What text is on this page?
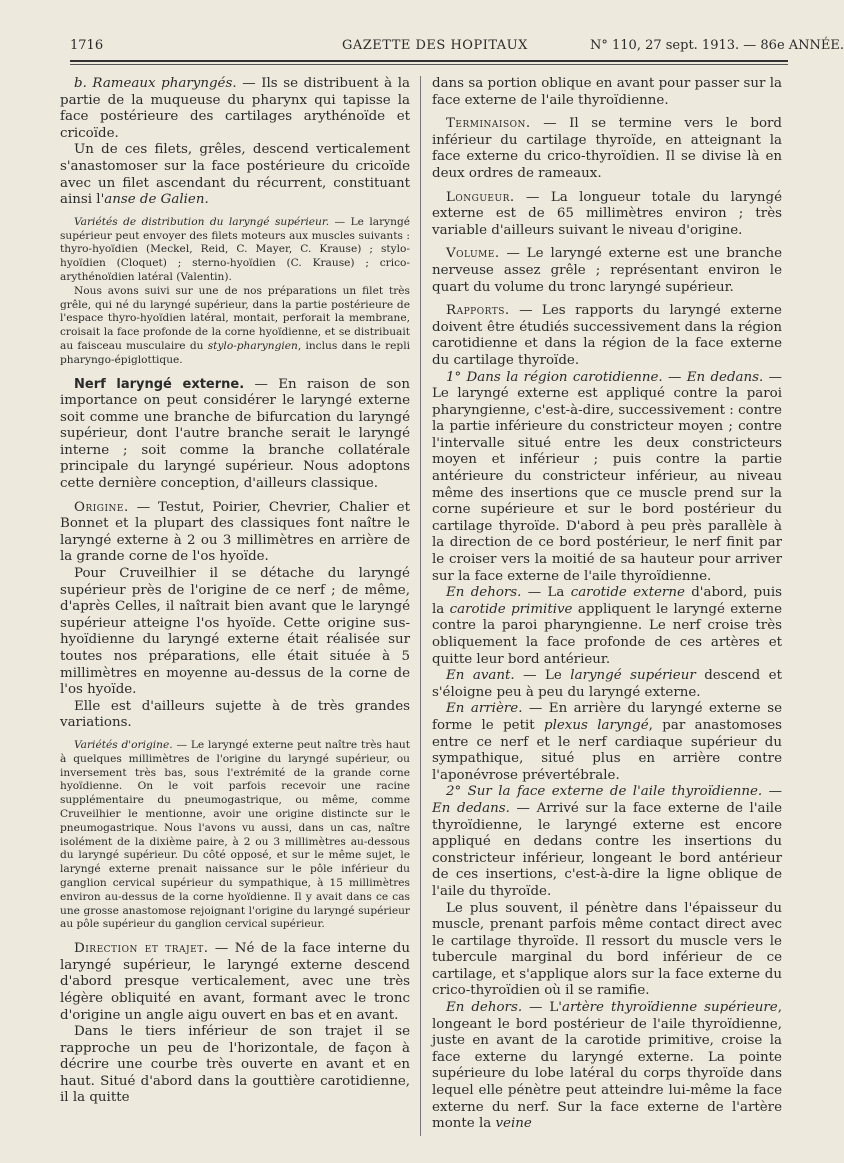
1716	GAZETTE DES HOPITAUX	N° 110, 27 sept. 1913. — 86e ANNÉE.

b. Rameaux pharyngés. — Ils se distribuent à la partie de la muqueuse du pharynx qui tapisse la face postérieure des cartilages arythénoïde et cricoïde.

Un de ces filets, grêles, descend verticalement s'anastomoser sur la face postérieure du cricoïde avec un filet ascendant du récurrent, constituant ainsi l'anse de Galien.

Variétés de distribution du laryngé supérieur. — Le laryngé supérieur peut envoyer des filets moteurs aux muscles suivants : thyro-hyoïdien (Meckel, Reid, C. Mayer, C. Krause) ; stylo-hyoïdien (Cloquet) ; sterno-hyoïdien (C. Krause) ; crico-arythénoïdien latéral (Valentin).

Nous avons suivi sur une de nos préparations un filet très grêle, qui né du laryngé supérieur, dans la partie postérieure de l'espace thyro-hyoïdien latéral, montait, perforait la membrane, croisait la face profonde de la corne hyoïdienne, et se distribuait au faisceau musculaire du stylo-pharyngien, inclus dans le repli pharyngo-épiglottique.

Nerf laryngé externe. — En raison de son importance on peut considérer le laryngé externe soit comme une branche de bifurcation du laryngé supérieur, dont l'autre branche serait le laryngé interne ; soit comme la branche collatérale principale du laryngé supérieur. Nous adoptons cette dernière conception, d'ailleurs classique.

Origine. — Testut, Poirier, Chevrier, Chalier et Bonnet et la plupart des classiques font naître le laryngé externe à 2 ou 3 millimètres en arrière de la grande corne de l'os hyoïde.

Pour Cruveilhier il se détache du laryngé supérieur près de l'origine de ce nerf ; de même, d'après Celles, il naîtrait bien avant que le laryngé supérieur atteigne l'os hyoïde. Cette origine sus-hyoïdienne du laryngé externe était réalisée sur toutes nos préparations, elle était située à 5 millimètres en moyenne au-dessus de la corne de l'os hyoïde.

Elle est d'ailleurs sujette à de très grandes variations.

Variétés d'origine. — Le laryngé externe peut naître très haut à quelques millimètres de l'origine du laryngé supérieur, ou inversement très bas, sous l'extrémité de la grande corne hyoïdienne. On le voit parfois recevoir une racine supplémentaire du pneumogastrique, ou même, comme Cruveilhier le mentionne, avoir une origine distincte sur le pneumogastrique. Nous l'avons vu aussi, dans un cas, naître isolément de la dixième paire, à 2 ou 3 millimètres au-dessous du laryngé supérieur. Du côté opposé, et sur le même sujet, le laryngé externe prenait naissance sur le pôle inférieur du ganglion cervical supérieur du sympathique, à 15 millimètres environ au-dessus de la corne hyoïdienne. Il y avait dans ce cas une grosse anastomose rejoignant l'origine du laryngé supérieur au pôle supérieur du ganglion cervical supérieur.

Direction et trajet. — Né de la face interne du laryngé supérieur, le laryngé externe descend d'abord presque verticalement, avec une très légère obliquité en avant, formant avec le tronc d'origine un angle aigu ouvert en bas et en avant.

Dans le tiers inférieur de son trajet il se rapproche un peu de l'horizontale, de façon à décrire une courbe très ouverte en avant et en haut. Situé d'abord dans la gouttière carotidienne, il la quitte

dans sa portion oblique en avant pour passer sur la face externe de l'aile thyroïdienne.

Terminaison. — Il se termine vers le bord inférieur du cartilage thyroïde, en atteignant la face externe du crico-thyroïdien. Il se divise là en deux ordres de rameaux.

Longueur. — La longueur totale du laryngé externe est de 65 millimètres environ ; très variable d'ailleurs suivant le niveau d'origine.

Volume. — Le laryngé externe est une branche nerveuse assez grêle ; représentant environ le quart du volume du tronc laryngé supérieur.

Rapports. — Les rapports du laryngé externe doivent être étudiés successivement dans la région carotidienne et dans la région de la face externe du cartilage thyroïde.

1° Dans la région carotidienne. — En dedans. — Le laryngé externe est appliqué contre la paroi pharyngienne, c'est-à-dire, successivement : contre la partie inférieure du constricteur moyen ; contre l'intervalle situé entre les deux constricteurs moyen et inférieur ; puis contre la partie antérieure du constricteur inférieur, au niveau même des insertions que ce muscle prend sur la corne supérieure et sur le bord postérieur du cartilage thyroïde. D'abord à peu près parallèle à la direction de ce bord postérieur, le nerf finit par le croiser vers la moitié de sa hauteur pour arriver sur la face externe de l'aile thyroïdienne.

En dehors. — La carotide externe d'abord, puis la carotide primitive appliquent le laryngé externe contre la paroi pharyngienne. Le nerf croise très obliquement la face profonde de ces artères et quitte leur bord antérieur.

En avant. — Le laryngé supérieur descend et s'éloigne peu à peu du laryngé externe.

En arrière. — En arrière du laryngé externe se forme le petit plexus laryngé, par anastomoses entre ce nerf et le nerf cardiaque supérieur du sympathique, situé plus en arrière contre l'aponévrose prévertébrale.

2° Sur la face externe de l'aile thyroïdienne. — En dedans. — Arrivé sur la face externe de l'aile thyroïdienne, le laryngé externe est encore appliqué en dedans contre les insertions du constricteur inférieur, longeant le bord antérieur de ces insertions, c'est-à-dire la ligne oblique de l'aile du thyroïde.

Le plus souvent, il pénètre dans l'épaisseur du muscle, prenant parfois même contact direct avec le cartilage thyroïde. Il ressort du muscle vers le tubercule marginal du bord inférieur de ce cartilage, et s'applique alors sur la face externe du crico-thyroïdien où il se ramifie.

En dehors. — L'artère thyroïdienne supérieure, longeant le bord postérieur de l'aile thyroïdienne, juste en avant de la carotide primitive, croise la face externe du laryngé externe. La pointe supérieure du lobe latéral du corps thyroïde dans lequel elle pénètre peut atteindre lui-même la face externe du nerf. Sur la face externe de l'artère monte la veine
